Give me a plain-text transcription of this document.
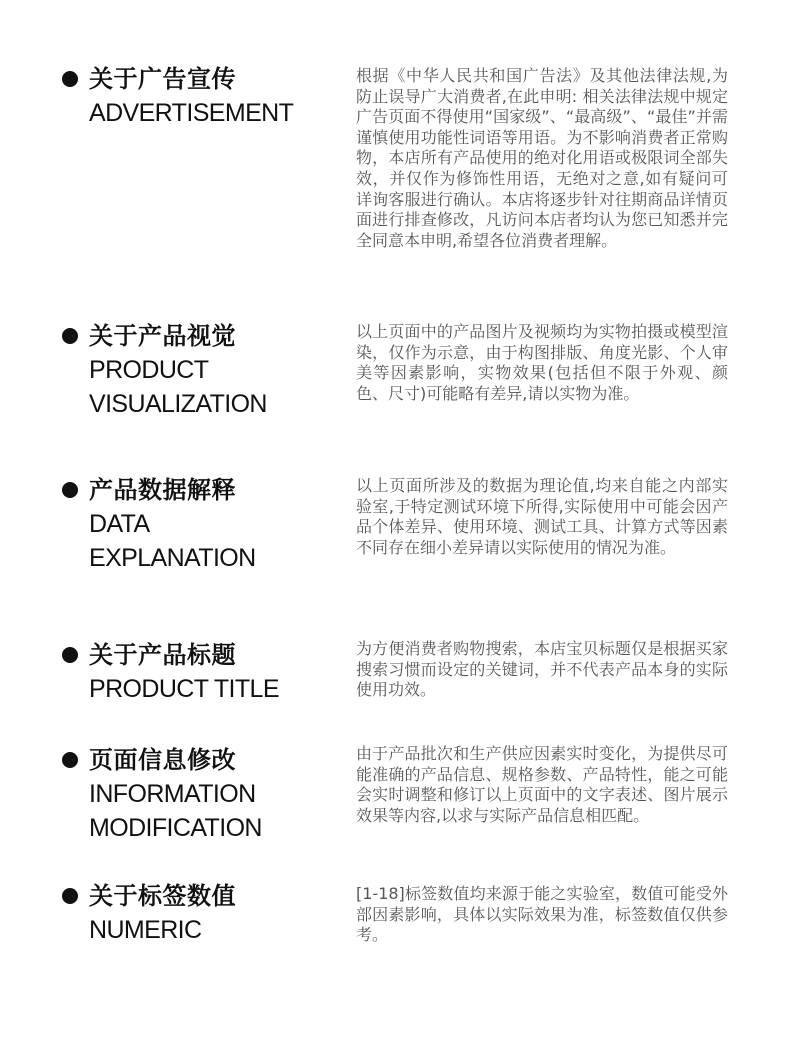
关于广告宣传
ADVERTISEMENT
根据《中华人民共和国广告法》及其他法律法规,为防止误导广大消费者,在此申明: 相关法律法规中规定广告页面不得使用“国家级”、“最高级”、“最佳”并需谨慎使用功能性词语等用语。为不影响消费者正常购物，本店所有产品使用的绝对化用语或极限词全部失效，并仅作为修饰性用语，无绝对之意,如有疑问可详询客服进行确认。本店将逐步针对往期商品详情页面进行排查修改，凡访问本店者均认为您已知悉并完全同意本申明,希望各位消费者理解。
关于产品视觉
PRODUCT
VISUALIZATION
以上页面中的产品图片及视频均为实物拍摄或模型渲染，仅作为示意，由于构图排版、角度光影、个人审美等因素影响，实物效果(包括但不限于外观、颜色、尺寸)可能略有差异,请以实物为准。
产品数据解释
DATA
EXPLANATION
以上页面所涉及的数据为理论值,均来自能之内部实验室,于特定测试环境下所得,实际使用中可能会因产品个体差异、使用环境、测试工具、计算方式等因素不同存在细小差异请以实际使用的情况为准。
关于产品标题
PRODUCT TITLE
为方便消费者购物搜索，本店宝贝标题仅是根据买家搜索习惯而设定的关键词，并不代表产品本身的实际使用功效。
页面信息修改
INFORMATION
MODIFICATION
由于产品批次和生产供应因素实时变化，为提供尽可能准确的产品信息、规格参数、产品特性，能之可能会实时调整和修订以上页面中的文字表述、图片展示效果等内容,以求与实际产品信息相匹配。
关于标签数值
NUMERIC
[1-18]标签数值均来源于能之实验室，数值可能受外部因素影响，具体以实际效果为准，标签数值仅供参考。
